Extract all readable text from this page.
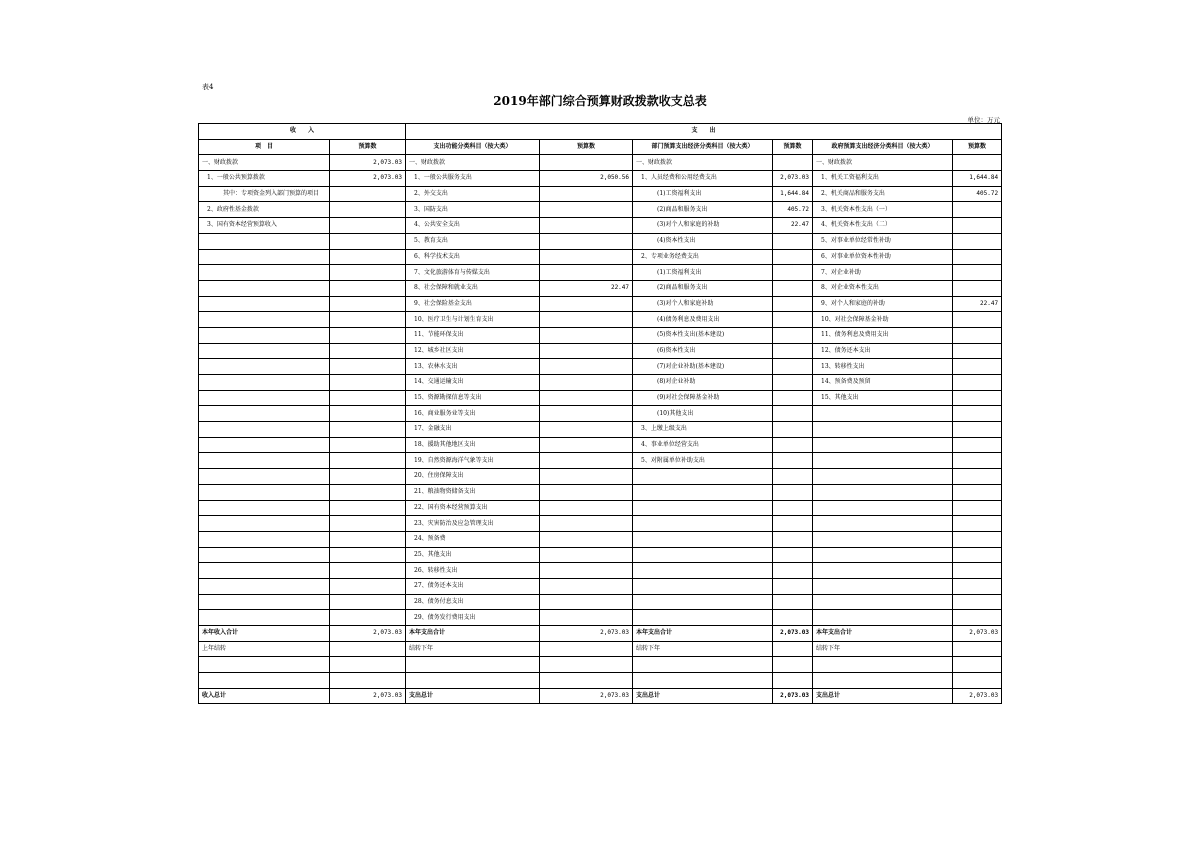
表4
2019年部门综合预算财政拨款收支总表
单位：万元
收　　入		支　　出					
项　目	预算数	支出功能分类科目（按大类）	预算数	部门预算支出经济分类科目（按大类）	预算数	政府预算支出经济分类科目（按大类）	预算数
一、财政拨款	2,073.03	一、财政拨款		一、财政拨款		一、财政拨款	
1、一般公共预算拨款	2,073.03	1、一般公共服务支出	2,050.56	1、人员经费和公用经费支出	2,073.03	1、机关工资福利支出	1,644.84
其中：专项资金列入部门预算的项目		2、外交支出		(1)工资福利支出	1,644.84	2、机关商品和服务支出	405.72
2、政府性基金拨款		3、国防支出		(2)商品和服务支出	405.72	3、机关资本性支出（一）	
3、国有资本经营预算收入		4、公共安全支出		(3)对个人和家庭的补助	22.47	4、机关资本性支出（二）	
		5、教育支出		(4)资本性支出		5、对事业单位经常性补助	
		6、科学技术支出		2、专项业务经费支出		6、对事业单位资本性补助	
		7、文化旅游体育与传媒支出		(1)工资福利支出		7、对企业补助	
		8、社会保障和就业支出	22.47	(2)商品和服务支出		8、对企业资本性支出	
		9、社会保险基金支出		(3)对个人和家庭补助		9、对个人和家庭的补助	22.47
		10、医疗卫生与计划生育支出		(4)债务利息及费用支出		10、对社会保障基金补助	
		11、节能环保支出		(5)资本性支出(基本建设)		11、债务利息及费用支出	
		12、城乡社区支出		(6)资本性支出		12、债务还本支出	
		13、农林水支出		(7)对企业补助(基本建设)		13、转移性支出	
		14、交通运输支出		(8)对企业补助		14、预备费及预留	
		15、资源勘探信息等支出		(9)对社会保障基金补助		15、其他支出	
		16、商业服务业等支出		(10)其他支出			
		17、金融支出		3、上缴上级支出			
		18、援助其他地区支出		4、事业单位经营支出			
		19、自然资源海洋气象等支出		5、对附属单位补助支出			
		20、住房保障支出					
		21、粮油物资储备支出					
		22、国有资本经营预算支出					
		23、灾害防治及应急管理支出					
		24、预备费					
		25、其他支出					
		26、转移性支出					
		27、债务还本支出					
		28、债务付息支出					
		29、债务发行费用支出					
本年收入合计	2,073.03	本年支出合计	2,073.03	本年支出合计	2,073.03	本年支出合计	2,073.03
上年结转		结转下年		结转下年		结转下年	

收入总计	2,073.03	支出总计	2,073.03	支出总计	2,073.03	支出总计	2,073.03
